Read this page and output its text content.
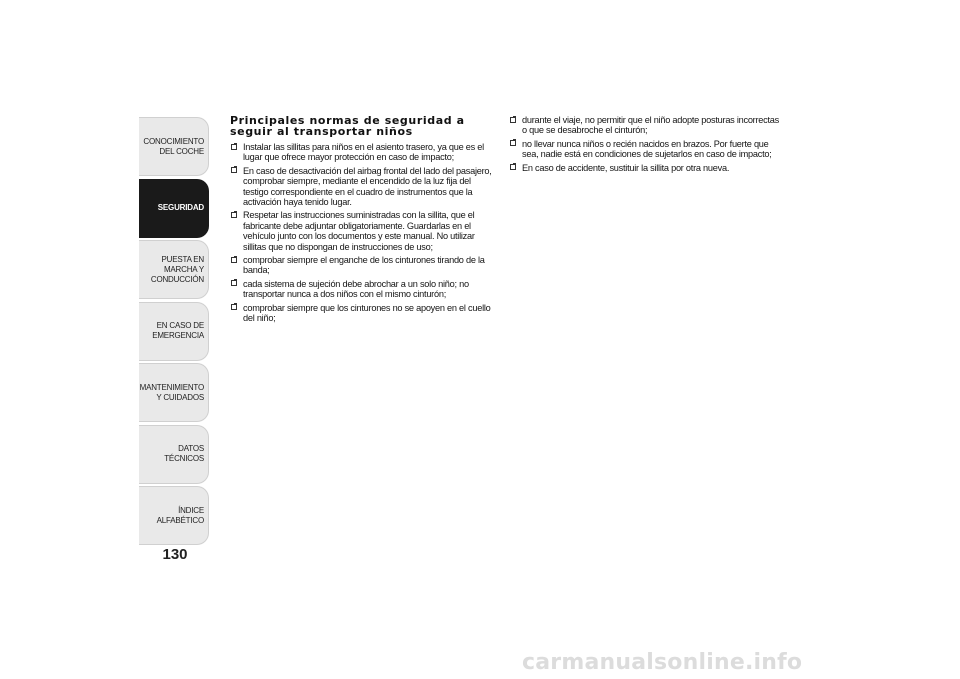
CONOCIMIENTO DEL COCHE
SEGURIDAD
PUESTA EN MARCHA Y CONDUCCIÓN
EN CASO DE EMERGENCIA
MANTENIMIENTO Y CUIDADOS
DATOS TÉCNICOS
ÍNDICE ALFABÉTICO
130
Principales normas de seguridad a seguir al transportar niños
Instalar las sillitas para niños en el asiento trasero, ya que es el lugar que ofrece mayor protección en caso de impacto;
En caso de desactivación del airbag frontal del lado del pasajero, comprobar siempre, mediante el encendido de la luz fija del testigo correspondiente en el cuadro de instrumentos que la activación haya tenido lugar.
Respetar las instrucciones suministradas con la sillita, que el fabricante debe adjuntar obligatoriamente. Guardarlas en el vehículo junto con los documentos y este manual. No utilizar sillitas que no dispongan de instrucciones de uso;
comprobar siempre el enganche de los cinturones tirando de la banda;
cada sistema de sujeción debe abrochar a un solo niño; no transportar nunca a dos niños con el mismo cinturón;
comprobar siempre que los cinturones no se apoyen en el cuello del niño;
durante el viaje, no permitir que el niño adopte posturas incorrectas o que se desabroche el cinturón;
no llevar nunca niños o recién nacidos en brazos. Por fuerte que sea, nadie está en condiciones de sujetarlos en caso de impacto;
En caso de accidente, sustituir la sillita por otra nueva.
carmanualsonline.info
